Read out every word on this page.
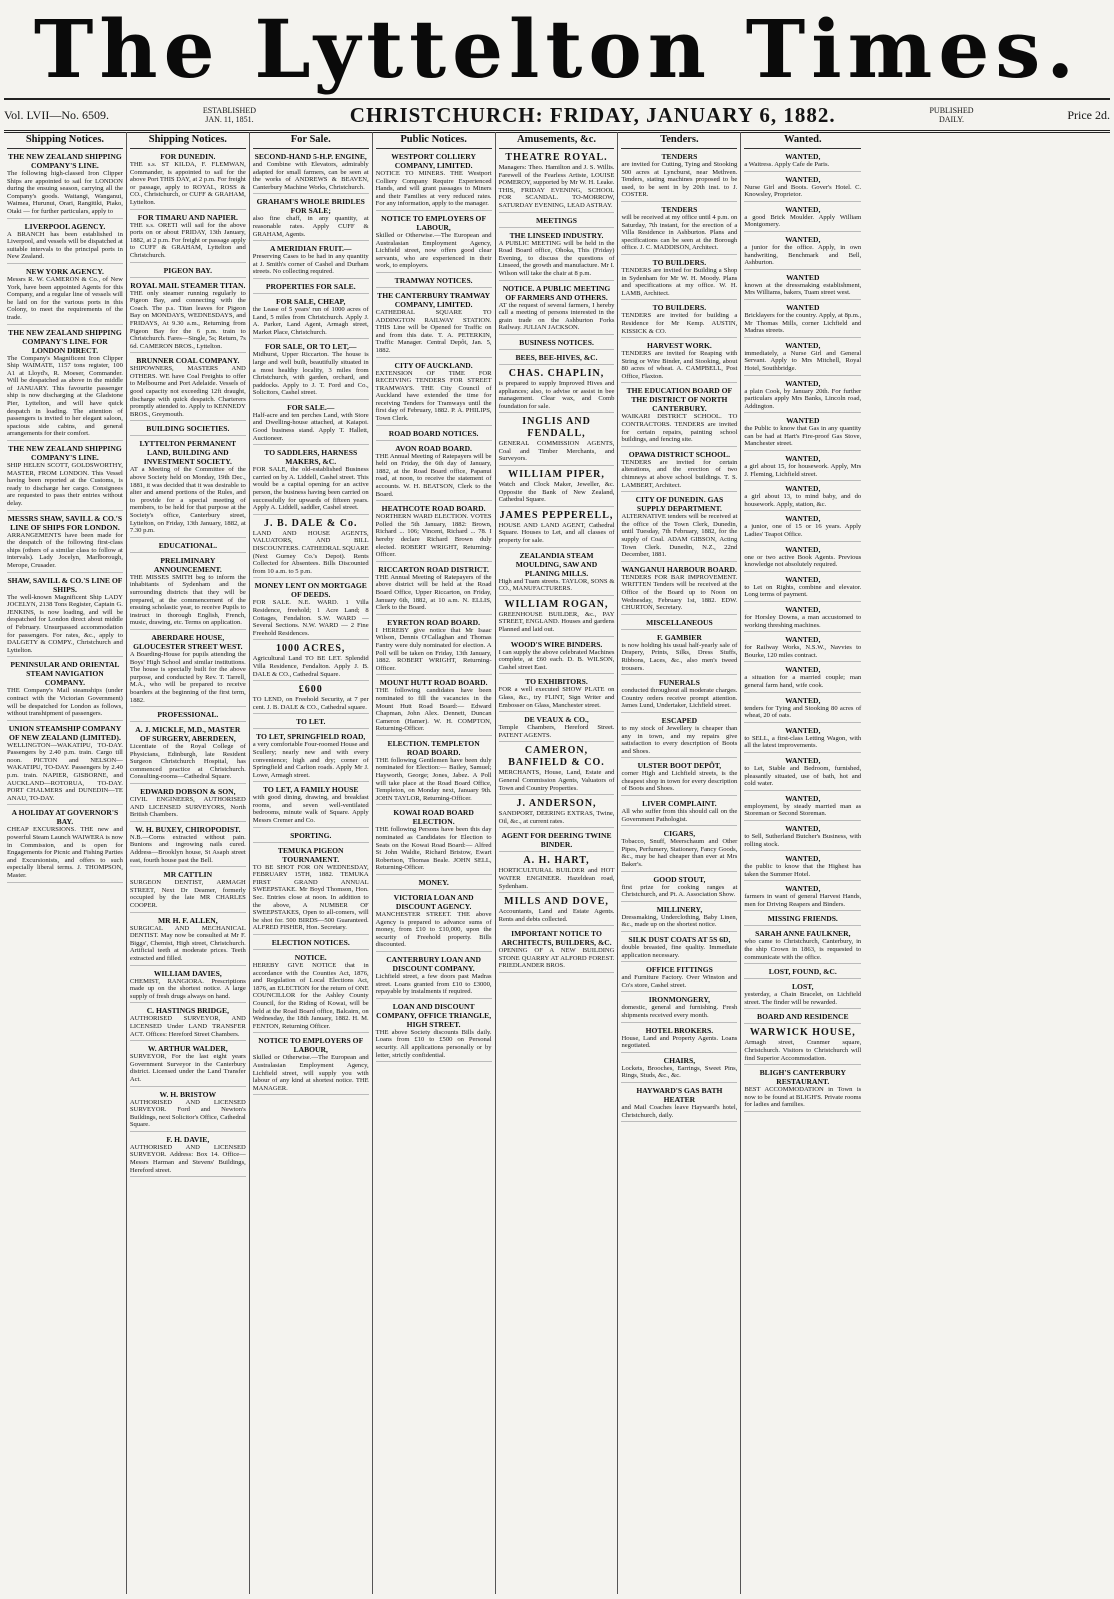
The Lyttelton Times.
Vol. LVII—No. 6509.	ESTABLISHED
JAN. 11, 1851.	CHRISTCHURCH: FRIDAY, JANUARY 6, 1882.	PUBLISHED
DAILY.	Price 2d.
Shipping Notices.
THE NEW ZEALAND SHIPPING COMPANY'S LINE.

The following high-classed Iron Clipper Ships are appointed to sail for LONDON during the ensuing season, carrying all the Company's goods. Waitangi, Wanganui, Waimea, Hurunui, Orari, Rangitiki, Piako, Otaki — for further particulars, apply to

LIVERPOOL AGENCY.

A BRANCH has been established in Liverpool, and vessels will be dispatched at suitable intervals to the principal ports in New Zealand.

NEW YORK AGENCY.

Messrs R. W. CAMERON & Co., of New York, have been appointed Agents for this Company, and a regular line of vessels will be laid on for the various ports in this Colony, to meet the requirements of the trade.

THE NEW ZEALAND SHIPPING COMPANY'S LINE. FOR LONDON DIRECT.

The Company's Magnificent Iron Clipper Ship WAIMATE, 1157 tons register, 100 A1 at Lloyd's, R. Moeser, Commander. Will be despatched as above in the middle of JANUARY. This favourite passenger ship is now discharging at the Gladstone Pier, Lyttelton, and will have quick despatch in loading. The attention of passengers is invited to her elegant saloon, spacious side cabins, and general arrangements for their comfort.

THE NEW ZEALAND SHIPPING COMPANY'S LINE.

SHIP HELEN SCOTT, GOLDSWORTHY, MASTER, FROM LONDON. This Vessel having been reported at the Customs, is ready to discharge her cargo. Consignees are requested to pass their entries without delay.

MESSRS SHAW, SAVILL & CO.'S LINE OF SHIPS FOR LONDON.

ARRANGEMENTS have been made for the despatch of the following first-class ships (others of a similar class to follow at intervals). Lady Jocelyn, Marlborough, Merope, Crusader.

SHAW, SAVILL & CO.'S LINE OF SHIPS.

The well-known Magnificent Ship LADY JOCELYN, 2138 Tons Register, Captain G. JENKINS, is now loading, and will be despatched for London direct about middle of February. Unsurpassed accommodation for passengers. For rates, &c., apply to DALGETY & COMPY., Christchurch and Lyttelton.

PENINSULAR AND ORIENTAL STEAM NAVIGATION COMPANY.

THE Company's Mail steamships (under contract with the Victorian Government) will be despatched for London as follows, without transhipment of passengers.

UNION STEAMSHIP COMPANY OF NEW ZEALAND (LIMITED).

WELLINGTON—WAKATIPU, TO-DAY. Passengers by 2.40 p.m. train. Cargo till noon. PICTON and NELSON—WAKATIPU, TO-DAY. Passengers by 2.40 p.m. train. NAPIER, GISBORNE, and AUCKLAND—ROTORUA, TO-DAY. PORT CHALMERS and DUNEDIN—TE ANAU, TO-DAY.

A HOLIDAY AT GOVERNOR'S BAY.

CHEAP EXCURSIONS. THE new and powerful Steam Launch WAIWERA is now in Commission, and is open for Engagements for Picnic and Fishing Parties and Excursionists, and offers to such especially liberal terms. J. THOMPSON, Master.

Shipping Notices.
FOR DUNEDIN.

THE s.s. ST KILDA, F. FLEMWAN, Commander, is appointed to sail for the above Port THIS DAY, at 2 p.m. For freight or passage, apply to ROYAL, ROSS & CO., Christchurch, or CUFF & GRAHAM, Lyttelton.

FOR TIMARU AND NAPIER.

THE s.s. ORETI will sail for the above ports on or about FRIDAY, 13th January, 1882, at 2 p.m. For freight or passage apply to CUFF & GRAHAM, Lyttelton and Christchurch.

PIGEON BAY.
ROYAL MAIL STEAMER TITAN.

THE only steamer running regularly to Pigeon Bay, and connecting with the Coach. The p.s. Titan leaves for Pigeon Bay on MONDAYS, WEDNESDAYS, and FRIDAYS, At 9.30 a.m., Returning from Pigeon Bay for the 6 p.m. train to Christchurch. Fares—Single, 5s; Return, 7s 6d. CAMERON BROS., Lyttelton.

BRUNNER COAL COMPANY.

SHIPOWNERS, MASTERS AND OTHERS. WE have Coal Freights to offer to Melbourne and Port Adelaide. Vessels of good capacity not exceeding 12ft draught, discharge with quick despatch. Charterers promptly attended to. Apply to KENNEDY BROS., Greymouth.

BUILDING SOCIETIES.
LYTTELTON PERMANENT LAND, BUILDING AND INVESTMENT SOCIETY.

AT a Meeting of the Committee of the above Society held on Monday, 19th Dec., 1881, it was decided that it was desirable to alter and amend portions of the Rules, and to provide for a special meeting of members, to be held for that purpose at the Society's office, Canterbury street, Lyttelton, on Friday, 13th January, 1882, at 7.30 p.m.

EDUCATIONAL.
PRELIMINARY ANNOUNCEMENT.

THE MISSES SMITH beg to inform the inhabitants of Sydenham and the surrounding districts that they will be prepared, at the commencement of the ensuing scholastic year, to receive Pupils to instruct in thorough English, French, music, drawing, etc. Terms on application.

ABERDARE HOUSE, GLOUCESTER STREET WEST.

A Boarding-House for pupils attending the Boys' High School and similar institutions. The house is specially built for the above purpose, and conducted by Rev. T. Tarrell, M.A., who will be prepared to receive boarders at the beginning of the first term, 1882.

PROFESSIONAL.
A. J. MICKLE, M.D., MASTER OF SURGERY, ABERDEEN,

Licentiate of the Royal College of Physicians, Edinburgh, late Resident Surgeon Christchurch Hospital, has commenced practice at Christchurch. Consulting-rooms—Cathedral Square.

EDWARD DOBSON & SON,

CIVIL ENGINEERS, AUTHORISED AND LICENSED SURVEYORS, North British Chambers.

W. H. BUXEY, CHIROPODIST.

N.B.—Corns extracted without pain. Bunions and ingrowing nails cured. Address—Brooklyn house, St Asaph street east, fourth house past the Bell.

MR CATTLIN

SURGEON DENTIST, ARMAGH STREET, Next Dr Deamer, formerly occupied by the late MR CHARLES COOPER.

MR H. F. ALLEN,

SURGICAL AND MECHANICAL DENTIST. May now be consulted at Mr F. Biggs', Chemist, High street, Christchurch. Artificial teeth at moderate prices. Teeth extracted and filled.

WILLIAM DAVIES,

CHEMIST, RANGIORA. Prescriptions made up on the shortest notice. A large supply of fresh drugs always on hand.

C. HASTINGS BRIDGE,

AUTHORISED SURVEYOR, AND LICENSED Under LAND TRANSFER ACT. Offices: Hereford Street Chambers.

W. ARTHUR WALDER,

SURVEYOR, For the last eight years Government Surveyor in the Canterbury district. Licensed under the Land Transfer Act.

W. H. BRISTOW

AUTHORISED AND LICENSED SURVEYOR. Ford and Newton's Buildings, next Solicitor's Office, Cathedral Square.

F. H. DAVIE,

AUTHORISED AND LICENSED SURVEYOR. Address: Box 14. Office—Messrs Harman and Stevens' Buildings, Hereford street.

For Sale.
SECOND-HAND 5-H.P. ENGINE,

and Combine with Elevators, admirably adapted for small farmers, can be seen at the works of ANDREWS & BEAVEN, Canterbury Machine Works, Christchurch.

GRAHAM'S WHOLE BRIDLES FOR SALE;

also fine chaff, in any quantity, at reasonable rates. Apply CUFF & GRAHAM, Agents.

A MERIDIAN FRUIT.—

Preserving Cases to be had in any quantity at J. Smith's corner of Cashel and Durham streets. No collecting required.

PROPERTIES FOR SALE.
FOR SALE, CHEAP,

the Lease of 5 years' run of 1000 acres of Land, 5 miles from Christchurch. Apply J. A. Parker, Land Agent, Armagh street, Market Place, Christchurch.

FOR SALE, OR TO LET,—

Midhurst, Upper Riccarton. The house is large and well built, beautifully situated in a most healthy locality, 3 miles from Christchurch, with garden, orchard, and paddocks. Apply to J. T. Ford and Co., Solicitors, Cashel street.

FOR SALE.—

Half-acre and ten perches Land, with Store and Dwelling-house attached, at Kaiapoi. Good business stand. Apply T. Hallett, Auctioneer.

TO SADDLERS, HARNESS MAKERS, &C.

FOR SALE, the old-established Business carried on by A. Liddell, Cashel street. This would be a capital opening for an active person, the business having been carried on successfully for upwards of fifteen years. Apply A. Liddell, saddler, Cashel street.

J. B. DALE & Co.

LAND AND HOUSE AGENTS, VALUATORS, AND BILL DISCOUNTERS. CATHEDRAL SQUARE (Next Gurney Co.'s Depot). Rents Collected for Absentees. Bills Discounted from 10 a.m. to 5 p.m.

MONEY LENT ON MORTGAGE OF DEEDS.

FOR SALE. N.E. WARD. 1 Villa Residence, freehold; 1 Acre Land; 8 Cottages, Fendalton. S.W. WARD — Several Sections. N.W. WARD — 2 Fine Freehold Residences.

1000 ACRES,

Agricultural Land TO BE LET. Splendid Villa Residence, Fendalton. Apply J. B. DALE & CO., Cathedral Square.

£600

TO LEND, on Freehold Security, at 7 per cent. J. B. DALE & CO., Cathedral square.

TO LET.
TO LET, SPRINGFIELD ROAD,

a very comfortable Four-roomed House and Scullery; nearly new and with every convenience; high and dry; corner of Springfield and Carlton roads. Apply Mr J. Lowe, Armagh street.

TO LET, A FAMILY HOUSE

with good dining, drawing, and breakfast rooms, and seven well-ventilated bedrooms, minute walk of Square. Apply Messrs Cremer and Co.

SPORTING.
TEMUKA PIGEON TOURNAMENT.

TO BE SHOT FOR ON WEDNESDAY, FEBRUARY 15TH, 1882. TEMUKA FIRST GRAND ANNUAL SWEEPSTAKE. Mr Boyd Thomson, Hon. Sec. Entries close at noon. In addition to the above, A NUMBER OF SWEEPSTAKES, Open to all-comers, will be shot for. 500 BIRDS—500 Guaranteed. ALFRED FISHER, Hon. Secretary.

ELECTION NOTICES.
NOTICE.

HEREBY GIVE NOTICE that in accordance with the Counties Act, 1876, and Regulation of Local Elections Act, 1876, an ELECTION for the return of ONE COUNCILLOR for the Ashley County Council, for the Riding of Kowai, will be held at the Road Board office, Balcairn, on Wednesday, the 18th January, 1882. H. M. FENTON, Returning Officer.

NOTICE TO EMPLOYERS OF LABOUR,

Skilled or Otherwise.—The European and Australasian Employment Agency, Lichfield street, will supply you with labour of any kind at shortest notice. THE MANAGER.

Public Notices.
WESTPORT COLLIERY COMPANY, LIMITED.

NOTICE TO MINERS. THE Westport Colliery Company Require Experienced Hands, and will grant passages to Miners and their Families at very reduced rates. For any information, apply to the manager.

NOTICE TO EMPLOYERS OF LABOUR,

Skilled or Otherwise.—The European and Australasian Employment Agency, Lichfield street, now offers good clear servants, who are experienced in their work, to employers.

TRAMWAY NOTICES.
THE CANTERBURY TRAMWAY COMPANY, LIMITED.

CATHEDRAL SQUARE TO ADDINGTON RAILWAY STATION. THIS Line will be Opened for Traffic on and from this date. T. A. PETERKIN, Traffic Manager. Central Depôt, Jan. 5, 1882.

CITY OF AUCKLAND.

EXTENSION OF TIME FOR RECEIVING TENDERS FOR STREET TRAMWAYS. THE City Council of Auckland have extended the time for receiving Tenders for Tramways until the first day of February, 1882. P. A. PHILIPS, Town Clerk.

ROAD BOARD NOTICES.
AVON ROAD BOARD.

THE Annual Meeting of Ratepayers will be held on Friday, the 6th day of January, 1882, at the Road Board office, Papanui road, at noon, to receive the statement of accounts. W. H. BEATSON, Clerk to the Board.

HEATHCOTE ROAD BOARD.

NORTHERN WARD ELECTION. VOTES Polled the 5th January, 1882: Brown, Richard ... 106; Vincent, Richard ... 78. I hereby declare Richard Brown duly elected. ROBERT WRIGHT, Returning-Officer.

RICCARTON ROAD DISTRICT.

THE Annual Meeting of Ratepayers of the above district will be held at the Road Board Office, Upper Riccarton, on Friday, January 6th, 1882, at 10 a.m. N. ELLIS, Clerk to the Board.

EYRETON ROAD BOARD.

I HEREBY give notice that Mr Isaac Wilson, Dennis O'Callaghan and Thomas Fantry were duly nominated for election. A Poll will be taken on Friday, 13th January, 1882. ROBERT WRIGHT, Returning-Officer.

MOUNT HUTT ROAD BOARD.

THE following candidates have been nominated to fill the vacancies in the Mount Hutt Road Board:— Edward Chapman, John Alex. Dennett, Duncan Cameron (Hamer). W. H. COMPTON, Returning-Officer.

ELECTION. TEMPLETON ROAD BOARD.

THE following Gentlemen have been duly nominated for Election:— Bailey, Samuel; Hayworth, George; Jones, Jabez. A Poll will take place at the Road Board Office, Templeton, on Monday next, January 9th. JOHN TAYLOR, Returning-Officer.

KOWAI ROAD BOARD ELECTION.

THE following Persons have been this day nominated as Candidates for Election to Seats on the Kowai Road Board:— Alfred St John Waldie, Richard Bristow, Ewart Robertson, Thomas Beale. JOHN SELL, Returning-Officer.

MONEY.
VICTORIA LOAN AND DISCOUNT AGENCY.

MANCHESTER STREET. THE above Agency is prepared to advance sums of money, from £10 to £10,000, upon the security of Freehold property. Bills discounted.

CANTERBURY LOAN AND DISCOUNT COMPANY.

Lichfield street, a few doors past Madras street. Loans granted from £10 to £3000, repayable by instalments if required.

LOAN AND DISCOUNT COMPANY, OFFICE TRIANGLE, HIGH STREET.

THE above Society discounts Bills daily. Loans from £10 to £500 on Personal security. All applications personally or by letter, strictly confidential.

Amusements, &c.
THEATRE ROYAL.

Managers: Theo. Hamilton and J. S. Willis. Farewell of the Fearless Artiste, LOUISE POMEROY, supported by Mr W. H. Leake. THIS, FRIDAY EVENING, SCHOOL FOR SCANDAL. TO-MORROW, SATURDAY EVENING, LEAD ASTRAY.

MEETINGS
THE LINSEED INDUSTRY.

A PUBLIC MEETING will be held in the Road Board office, Ohoka, This (Friday) Evening, to discuss the questions of Linseed, the growth and manufacture. Mr I. Wilson will take the chair at 8 p.m.

NOTICE. A PUBLIC MEETING OF FARMERS AND OTHERS.

AT the request of several farmers, I hereby call a meeting of persons interested in the grain trade on the Ashburton Forks Railway. JULIAN JACKSON.

BUSINESS NOTICES.
BEES, BEE-HIVES, &C.
CHAS. CHAPLIN,

is prepared to supply Improved Hives and appliances; also, to advise or assist in bee management. Clear wax, and Comb foundation for sale.

INGLIS AND FENDALL,

GENERAL COMMISSION AGENTS, Coal and Timber Merchants, and Surveyors.

WILLIAM PIPER,

Watch and Clock Maker, Jeweller, &c. Opposite the Bank of New Zealand, Cathedral Square.

JAMES PEPPERELL,

HOUSE AND LAND AGENT, Cathedral Square. Houses to Let, and all classes of property for sale.

ZEALANDIA STEAM MOULDING, SAW AND PLANING MILLS.

High and Tuam streets. TAYLOR, SONS & CO., MANUFACTURERS.

WILLIAM ROGAN,

GREENHOUSE BUILDER, &c., PAY STREET, ENGLAND. Houses and gardens Planned and laid out.

WOOD'S WIRE BINDERS.

I can supply the above celebrated Machines complete, at £60 each. D. B. WILSON, Cashel street East.

TO EXHIBITORS.

FOR a well executed SHOW PLATE on Glass, &c., try FLINT, Sign Writer and Embosser on Glass, Manchester street.

DE VEAUX & CO.,

Temple Chambers, Hereford Street. PATENT AGENTS.

CAMERON, BANFIELD & CO.

MERCHANTS, House, Land, Estate and General Commission Agents, Valuators of Town and Country Properties.

J. ANDERSON,

SANDPORT, DEERING EXTRAS, Twine, Oil, &c., at current rates.

AGENT FOR DEERING TWINE BINDER.
A. H. HART,

HORTICULTURAL BUILDER and HOT WATER ENGINEER. Hazeldean road, Sydenham.

MILLS AND DOVE,

Accountants, Land and Estate Agents. Rents and debts collected.

IMPORTANT NOTICE TO ARCHITECTS, BUILDERS, &C.

OPENING OF A NEW BUILDING STONE QUARRY AT ALFORD FOREST. FRIEDLANDER BROS.

Tenders.
TENDERS

are invited for Cutting, Tying and Stooking 500 acres at Lyncburst, near Methven. Tenders, stating machines proposed to be used, to be sent in by 20th inst. to J. COSTER.

TENDERS

will be received at my office until 4 p.m. on Saturday, 7th instant, for the erection of a Villa Residence in Ashburton. Plans and specifications can be seen at the Borough office. J. C. MADDISON, Architect.

TO BUILDERS.

TENDERS are invited for Building a Shop in Sydenham for Mr W. H. Moody. Plans and specifications at my office. W. H. LAMB, Architect.

TO BUILDERS.

TENDERS are invited for building a Residence for Mr Kemp. AUSTIN, KISSICK & CO.

HARVEST WORK.

TENDERS are invited for Reaping with String or Wire Binder, and Stooking, about 80 acres of wheat. A. CAMPBELL, Post Office, Flaxton.

THE EDUCATION BOARD OF THE DISTRICT OF NORTH CANTERBURY.

WAIKARI DISTRICT SCHOOL. TO CONTRACTORS. TENDERS are invited for certain repairs, painting school buildings, and fencing site.

OPAWA DISTRICT SCHOOL.

TENDERS are invited for certain alterations, and the erection of two chimneys at above school buildings. T. S. LAMBERT, Architect.

CITY OF DUNEDIN. GAS SUPPLY DEPARTMENT.

ALTERNATIVE tenders will be received at the office of the Town Clerk, Dunedin, until Tuesday, 7th February, 1882, for the supply of Coal. ADAM GIBSON, Acting Town Clerk. Dunedin, N.Z., 22nd December, 1881.

WANGANUI HARBOUR BOARD.

TENDERS FOR BAR IMPROVEMENT. WRITTEN Tenders will be received at the Office of the Board up to Noon on Wednesday, February 1st, 1882. EDW. CHURTON, Secretary.

MISCELLANEOUS
F. GAMBIER

is now holding his usual half-yearly sale of Drapery, Prints, Silks, Dress Stuffs, Ribbons, Laces, &c., also men's tweed trousers.

FUNERALS

conducted throughout all moderate charges. Country orders receive prompt attention. James Lund, Undertaker, Lichfield street.

ESCAPED

to my stock of Jewellery is cheaper than any in town, and my repairs give satisfaction to every description of Boots and Shoes.

ULSTER BOOT DEPÔT,

corner High and Lichfield streets, is the cheapest shop in town for every description of Boots and Shoes.

LIVER COMPLAINT.

All who suffer from this should call on the Government Pathologist.

CIGARS,

Tobacco, Snuff, Meerschaum and Other Pipes, Perfumery, Stationery, Fancy Goods, &c., may be had cheaper than ever at Mrs Baker's.

GOOD STOUT,

first prize for cooking ranges at Christchurch, and Pt. A. Association Show.

MILLINERY,

Dressmaking, Underclothing, Baby Linen, &c., made up on the shortest notice.

SILK DUST COATS AT 5S 6D,

double breasted, fine quality. Immediate application necessary.

OFFICE FITTINGS

and Furniture Factory. Over Winston and Co's store, Cashel street.

IRONMONGERY,

domestic, general and furnishing. Fresh shipments received every month.

HOTEL BROKERS.

House, Land and Property Agents. Loans negotiated.

CHAIRS,

Lockets, Brooches, Earrings, Sweet Pins, Rings, Studs, &c., &c.

HAYWARD'S GAS BATH HEATER

and Mail Coaches leave Hayward's hotel, Christchurch, daily.

Wanted.
WANTED,

a Waitress. Apply Cafe de Paris.

WANTED,

Nurse Girl and Boots. Gover's Hotel. C. Knowsley, Proprietor.

WANTED,

a good Brick Moulder. Apply William Montgomery.

WANTED,

a junior for the office. Apply, in own handwriting, Benchmark and Bell, Ashburton.

WANTED

known at the dressmaking establishment, Mrs Williams, bakers, Tuam street west.

WANTED

Bricklayers for the country. Apply, at 8p.m., Mr Thomas Mills, corner Lichfield and Madras streets.

WANTED,

immediately, a Nurse Girl and General Servant. Apply to Mrs Mitchell, Royal Hotel, Southbridge.

WANTED,

a plain Cook, by January 20th. For further particulars apply Mrs Banks, Lincoln road, Addington.

WANTED

the Public to know that Gas in any quantity can be had at Hart's Fire-proof Gas Stove, Manchester street.

WANTED,

a girl about 15, for housework. Apply, Mrs J. Fleming, Lichfield street.

WANTED,

a girl about 13, to mind baby, and do housework. Apply, station, &c.

WANTED,

a junior, one of 15 or 16 years. Apply Ladies' Teapot Office.

WANTED,

one or two active Book Agents. Previous knowledge not absolutely required.

WANTED,

to Let on Rights, combine and elevator. Long terms of payment.

WANTED,

for Horsley Downs, a man accustomed to working threshing machines.

WANTED,

for Railway Works, N.S.W., Navvies to Bourke, 120 miles contract.

WANTED,

a situation for a married couple; man general farm hand, wife cook.

WANTED,

tenders for Tying and Stooking 80 acres of wheat, 20 of oats.

WANTED,

to SELL, a first-class Letting Wagon, with all the latest improvements.

WANTED,

to Let, Stable and Bedroom, furnished, pleasantly situated, use of bath, hot and cold water.

WANTED,

employment, by steady married man as Storeman or Second Storeman.

WANTED,

to Sell, Sutherland Butcher's Business, with rolling stock.

WANTED,

the public to know that the Highest has taken the Summer Hotel.

WANTED,

farmers in want of general Harvest Hands, men for Driving Reapers and Binders.

MISSING FRIENDS.
SARAH ANNE FAULKNER,

who came to Christchurch, Canterbury, in the ship Crown in 1863, is requested to communicate with the office.

LOST, FOUND, &C.
LOST,

yesterday, a Chain Bracelet, on Lichfield street. The finder will be rewarded.

BOARD AND RESIDENCE
WARWICK HOUSE,

Armagh street, Cranmer square, Christchurch. Visitors to Christchurch will find Superior Accommodation.

BLIGH'S CANTERBURY RESTAURANT.

BEST ACCOMMODATION in Town is now to be found at BLIGH'S. Private rooms for ladies and families.
